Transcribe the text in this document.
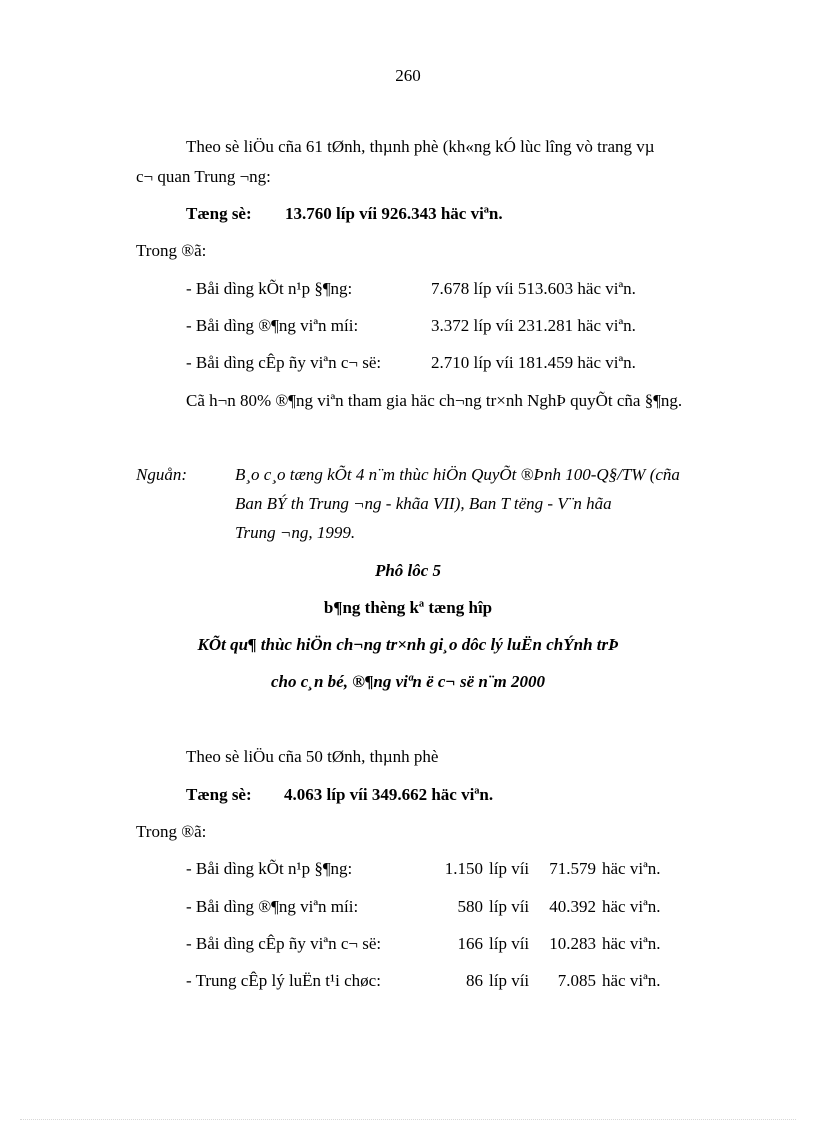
260
Theo sè liÖu cña 61 tØnh, thµnh phè (kh«ng kÓ lùc lîng vò trang vµ
c¬ quan Trung ¬ng:
Tæng sè: 13.760 líp víi 926.343 häc viªn.
Trong ®ã:
- Båi dìng kÕt n¹p §¶ng:	7.678 líp víi 513.603 häc viªn.
- Båi dìng ®¶ng viªn míi:	3.372 líp víi 231.281 häc viªn.
- Båi dìng cÊp ñy viªn c¬ së:	2.710 líp víi 181.459 häc viªn.
Cã h¬n 80% ®¶ng viªn tham gia häc ch¬ng tr×nh NghÞ quyÕt cña §¶ng.
Nguån:	B¸o c¸o tæng kÕt 4 n¨m thùc hiÖn QuyÕt ®Þnh 100-Q§/TW (cña
Ban BÝ th Trung ¬ng - khãa VII), Ban T tëng - V¨n hãa
Trung ¬ng, 1999.
Phô lôc 5
b¶ng thèng kª tæng hîp
KÕt qu¶ thùc hiÖn ch¬ng tr×nh gi¸o dôc lý luËn chÝnh trÞ
cho c¸n bé, ®¶ng viªn ë c¬ së n¨m 2000
Theo sè liÖu cña 50 tØnh, thµnh phè
Tæng sè: 4.063 líp víi 349.662 häc viªn.
Trong ®ã:
- Båi dìng kÕt n¹p §¶ng:	1.150 líp víi 71.579 häc viªn.
- Båi dìng ®¶ng viªn míi:	580 líp víi 40.392 häc viªn.
- Båi dìng cÊp ñy viªn c¬ së:	166 líp víi 10.283 häc viªn.
- Trung cÊp lý luËn t¹i chøc:	86 líp víi	7.085 häc viªn.
